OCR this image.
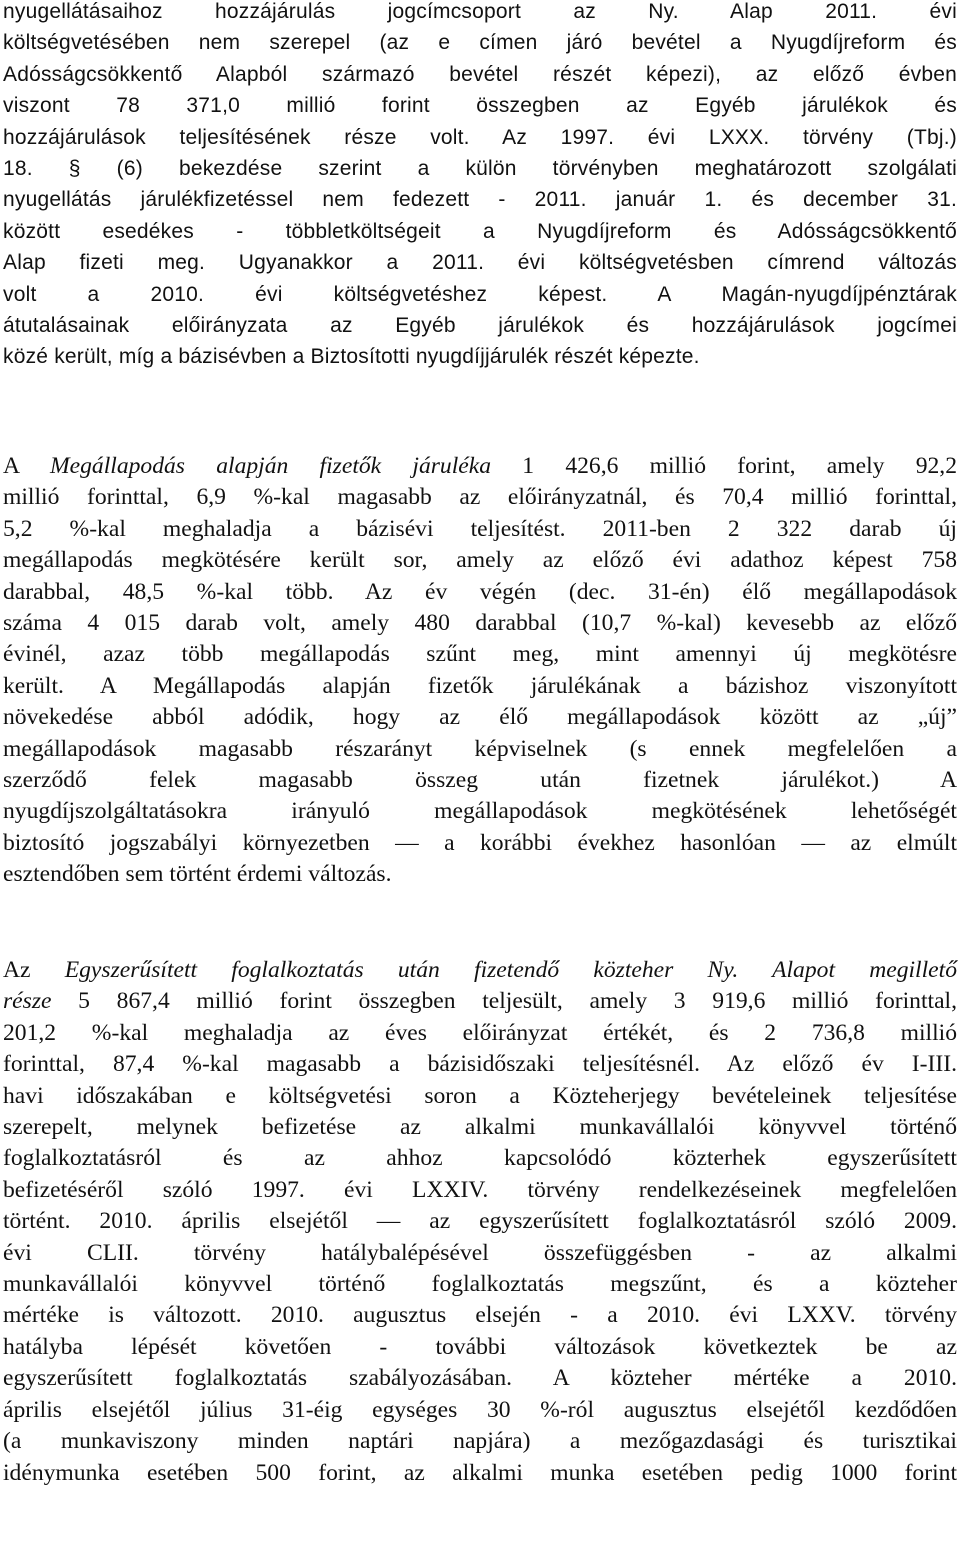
nyugellátásaihoz hozzájárulás jogcímcsoport az Ny. Alap 2011. évi
költségvetésében nem szerepel (az e címen járó bevétel a Nyugdíjreform és
Adósságcsökkentő Alapból származó bevétel részét képezi), az előző évben
viszont 78 371,0 millió forint összegben az Egyéb járulékok és
hozzájárulások teljesítésének része volt. Az 1997. évi LXXX. törvény (Tbj.)
18. § (6) bekezdése szerint a külön törvényben meghatározott szolgálati
nyugellátás járulékfizetéssel nem fedezett - 2011. január 1. és december 31.
között esedékes - többletköltségeit a Nyugdíjreform és Adósságcsökkentő
Alap fizeti meg. Ugyanakkor a 2011. évi költségvetésben címrend változás
volt a 2010. évi költségvetéshez képest. A Magán-nyugdíjpénztárak
átutalásainak előirányzata az Egyéb járulékok és hozzájárulások jogcímei
közé került, míg a bázisévben a Biztosítotti nyugdíjjárulék részét képezte.
A Megállapodás alapján fizetők járuléka 1 426,6 millió forint, amely 92,2
millió forinttal, 6,9 %-kal magasabb az előirányzatnál, és 70,4 millió forinttal,
5,2 %-kal meghaladja a bázisévi teljesítést. 2011-ben 2 322 darab új
megállapodás megkötésére került sor, amely az előző évi adathoz képest 758
darabbal, 48,5 %-kal több. Az év végén (dec. 31-én) élő megállapodások
száma 4 015 darab volt, amely 480 darabbal (10,7 %-kal) kevesebb az előző
évinél, azaz több megállapodás szűnt meg, mint amennyi új megkötésre
került. A Megállapodás alapján fizetők járulékának a bázishoz viszonyított
növekedése abból adódik, hogy az élő megállapodások között az „új”
megállapodások magasabb részarányt képviselnek (s ennek megfelelően a
szerződő felek magasabb összeg után fizetnek járulékot.) A
nyugdíjszolgáltatásokra irányuló megállapodások megkötésének lehetőségét
biztosító jogszabályi környezetben — a korábbi évekhez hasonlóan — az elmúlt
esztendőben sem történt érdemi változás.
Az Egyszerűsített foglalkoztatás után fizetendő közteher Ny. Alapot megillető
része 5 867,4 millió forint összegben teljesült, amely 3 919,6 millió forinttal,
201,2 %-kal meghaladja az éves előirányzat értékét, és 2 736,8 millió
forinttal, 87,4 %-kal magasabb a bázisidőszaki teljesítésnél. Az előző év I-III.
havi időszakában e költségvetési soron a Közteherjegy bevételeinek teljesítése
szerepelt, melynek befizetése az alkalmi munkavállalói könyvvel történő
foglalkoztatásról és az ahhoz kapcsolódó közterhek egyszerűsített
befizetéséről szóló 1997. évi LXXIV. törvény rendelkezéseinek megfelelően
történt. 2010. április elsejétől — az egyszerűsített foglalkoztatásról szóló 2009.
évi CLII. törvény hatálybalépésével összefüggésben - az alkalmi
munkavállalói könyvvel történő foglalkoztatás megszűnt, és a közteher
mértéke is változott. 2010. augusztus elsején - a 2010. évi LXXV. törvény
hatályba lépését követően - további változások következtek be az
egyszerűsített foglalkoztatás szabályozásában. A közteher mértéke a 2010.
április elsejétől július 31-éig egységes 30 %-ról augusztus elsejétől kezdődően
(a munkaviszony minden naptári napjára) a mezőgazdasági és turisztikai
idénymunka esetében 500 forint, az alkalmi munka esetében pedig 1000 forint
